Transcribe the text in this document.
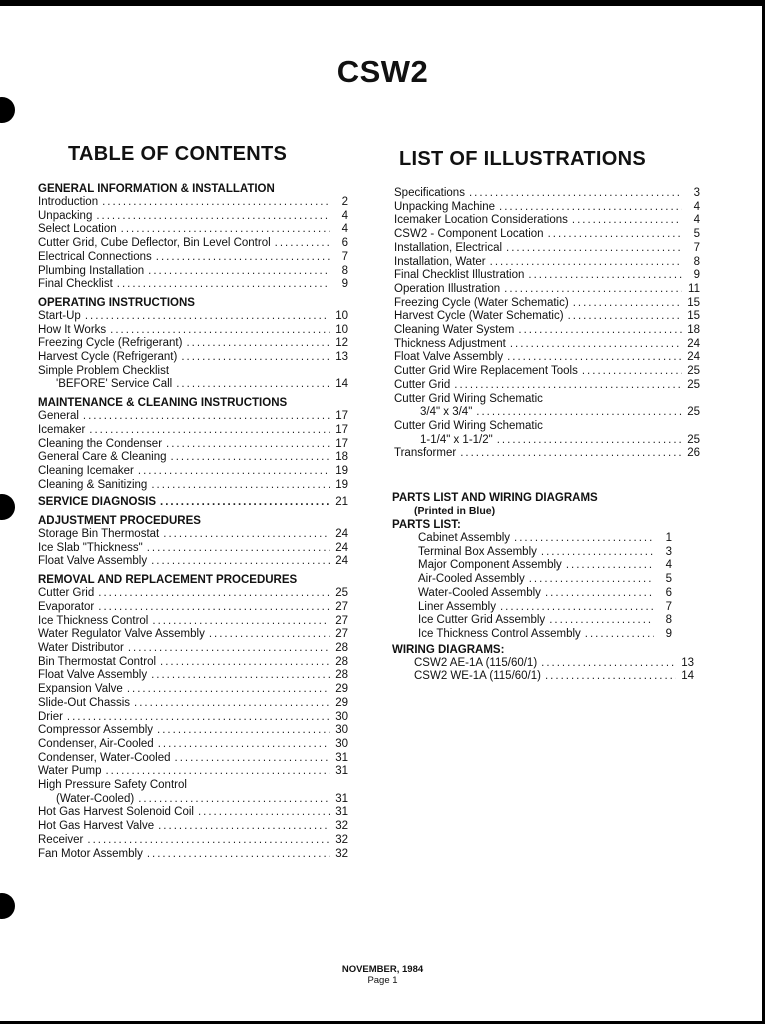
CSW2
TABLE OF CONTENTS	LIST OF ILLUSTRATIONS
GENERAL INFORMATION & INSTALLATION
Introduction .....	2
Unpacking .....	4
Select Location .....	4
Cutter Grid, Cube Deflector, Bin Level Control .....	6
Electrical Connections .....	7
Plumbing Installation .....	8
Final Checklist .....	9
OPERATING INSTRUCTIONS
Start-Up .....	10
How It Works .....	10
Freezing Cycle (Refrigerant) .....	12
Harvest Cycle (Refrigerant) .....	13
Simple Problem Checklist
'BEFORE' Service Call .....	14
MAINTENANCE & CLEANING INSTRUCTIONS
General .....	17
Icemaker .....	17
Cleaning the Condenser .....	17
General Care & Cleaning .....	18
Cleaning Icemaker .....	19
Cleaning & Sanitizing .....	19
SERVICE DIAGNOSIS .....	21
ADJUSTMENT PROCEDURES
Storage Bin Thermostat .....	24
Ice Slab "Thickness" .....	24
Float Valve Assembly .....	24
REMOVAL AND REPLACEMENT PROCEDURES
Cutter Grid .....	25
Evaporator .....	27
Ice Thickness Control .....	27
Water Regulator Valve Assembly .....	27
Water Distributor .....	28
Bin Thermostat Control .....	28
Float Valve Assembly .....	28
Expansion Valve .....	29
Slide-Out Chassis .....	29
Drier .....	30
Compressor Assembly .....	30
Condenser, Air-Cooled .....	30
Condenser, Water-Cooled .....	31
Water Pump .....	31
High Pressure Safety Control
(Water-Cooled) .....	31
Hot Gas Harvest Solenoid Coil .....	31
Hot Gas Harvest Valve .....	32
Receiver .....	32
Fan Motor Assembly .....	32
Specifications .....	3
Unpacking Machine .....	4
Icemaker Location Considerations .....	4
CSW2 - Component Location .....	5
Installation, Electrical .....	7
Installation, Water .....	8
Final Checklist Illustration .....	9
Operation Illustration .....	11
Freezing Cycle (Water Schematic) .....	15
Harvest Cycle (Water Schematic) .....	15
Cleaning Water System .....	18
Thickness Adjustment .....	24
Float Valve Assembly .....	24
Cutter Grid Wire Replacement Tools .....	25
Cutter Grid .....	25
Cutter Grid Wiring Schematic
3/4" x 3/4" .....	25
Cutter Grid Wiring Schematic
1-1/4" x 1-1/2" .....	25
Transformer .....	26
PARTS LIST AND WIRING DIAGRAMS
(Printed in Blue)
PARTS LIST:
Cabinet Assembly .....	1
Terminal Box Assembly .....	3
Major Component Assembly .....	4
Air-Cooled Assembly .....	5
Water-Cooled Assembly .....	6
Liner Assembly .....	7
Ice Cutter Grid Assembly .....	8
Ice Thickness Control Assembly .....	9
WIRING DIAGRAMS:
CSW2 AE-1A (115/60/1) .....	13
CSW2 WE-1A (115/60/1) .....	14
NOVEMBER, 1984
Page 1
